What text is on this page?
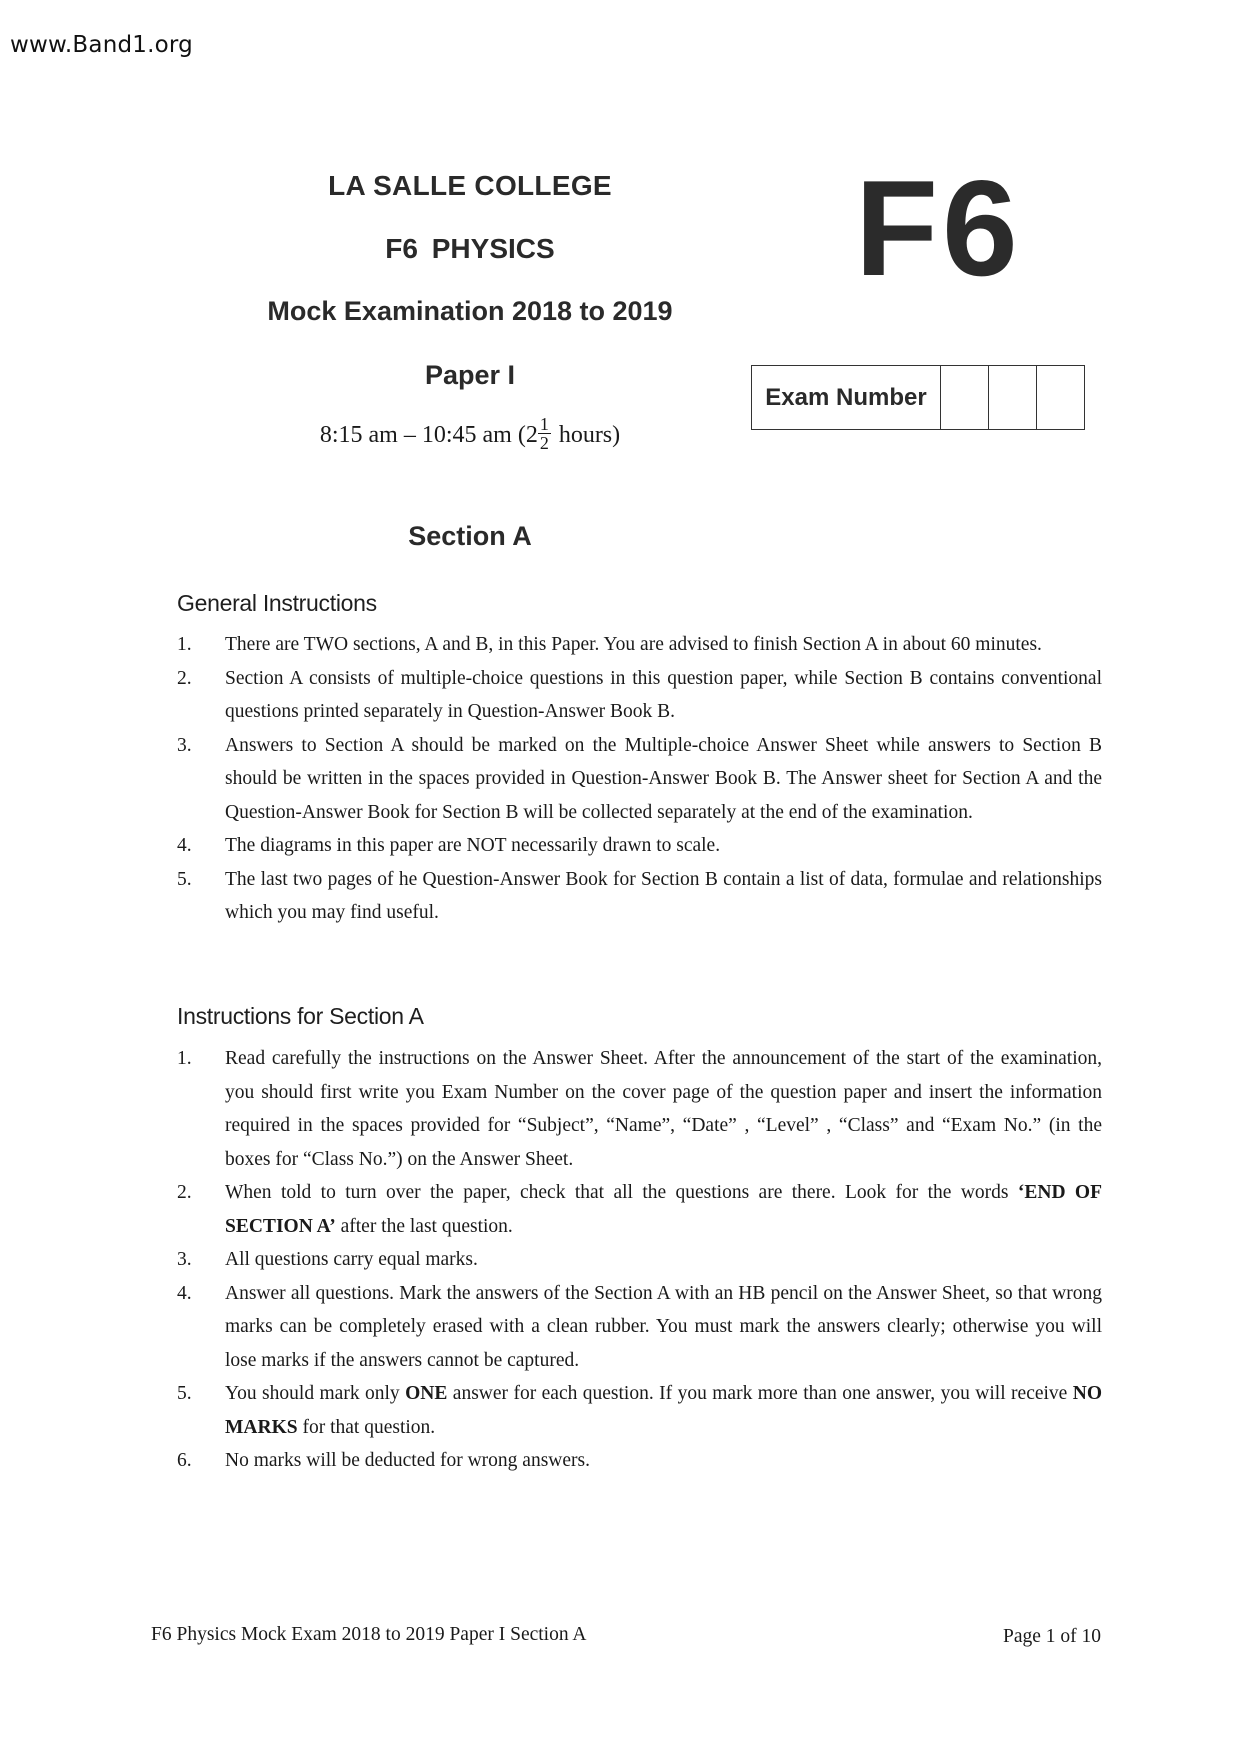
www.Band1.org
LA SALLE COLLEGE
F6 PHYSICS
Mock Examination 2018 to 2019
Paper I
8:15 am – 10:45 am ($2 \frac{1}{2}$ hours)
Section A
F6
Exam Number
General Instructions
1. There are TWO sections, A and B, in this Paper. You are advised to finish Section A in about 60 minutes.
2. Section A consists of multiple-choice questions in this question paper, while Section B contains conventional questions printed separately in Question-Answer Book B.
3. Answers to Section A should be marked on the Multiple-choice Answer Sheet while answers to Section B should be written in the spaces provided in Question-Answer Book B. The Answer sheet for Section A and the Question-Answer Book for Section B will be collected separately at the end of the examination.
4. The diagrams in this paper are NOT necessarily drawn to scale.
5. The last two pages of he Question-Answer Book for Section B contain a list of data, formulae and relationships which you may find useful.
Instructions for Section A
1. Read carefully the instructions on the Answer Sheet. After the announcement of the start of the examination, you should first write you Exam Number on the cover page of the question paper and insert the information required in the spaces provided for “Subject”, “Name”, “Date” , “Level” , “Class” and “Exam No.” (in the boxes for “Class No.”) on the Answer Sheet.
2. When told to turn over the paper, check that all the questions are there. Look for the words ‘END OF SECTION A’ after the last question.
3. All questions carry equal marks.
4. Answer all questions. Mark the answers of the Section A with an HB pencil on the Answer Sheet, so that wrong marks can be completely erased with a clean rubber. You must mark the answers clearly; otherwise you will lose marks if the answers cannot be captured.
5. You should mark only ONE answer for each question. If you mark more than one answer, you will receive NO MARKS for that question.
6. No marks will be deducted for wrong answers.
F6 Physics Mock Exam 2018 to 2019 Paper I Section A	Page 1 of 10
